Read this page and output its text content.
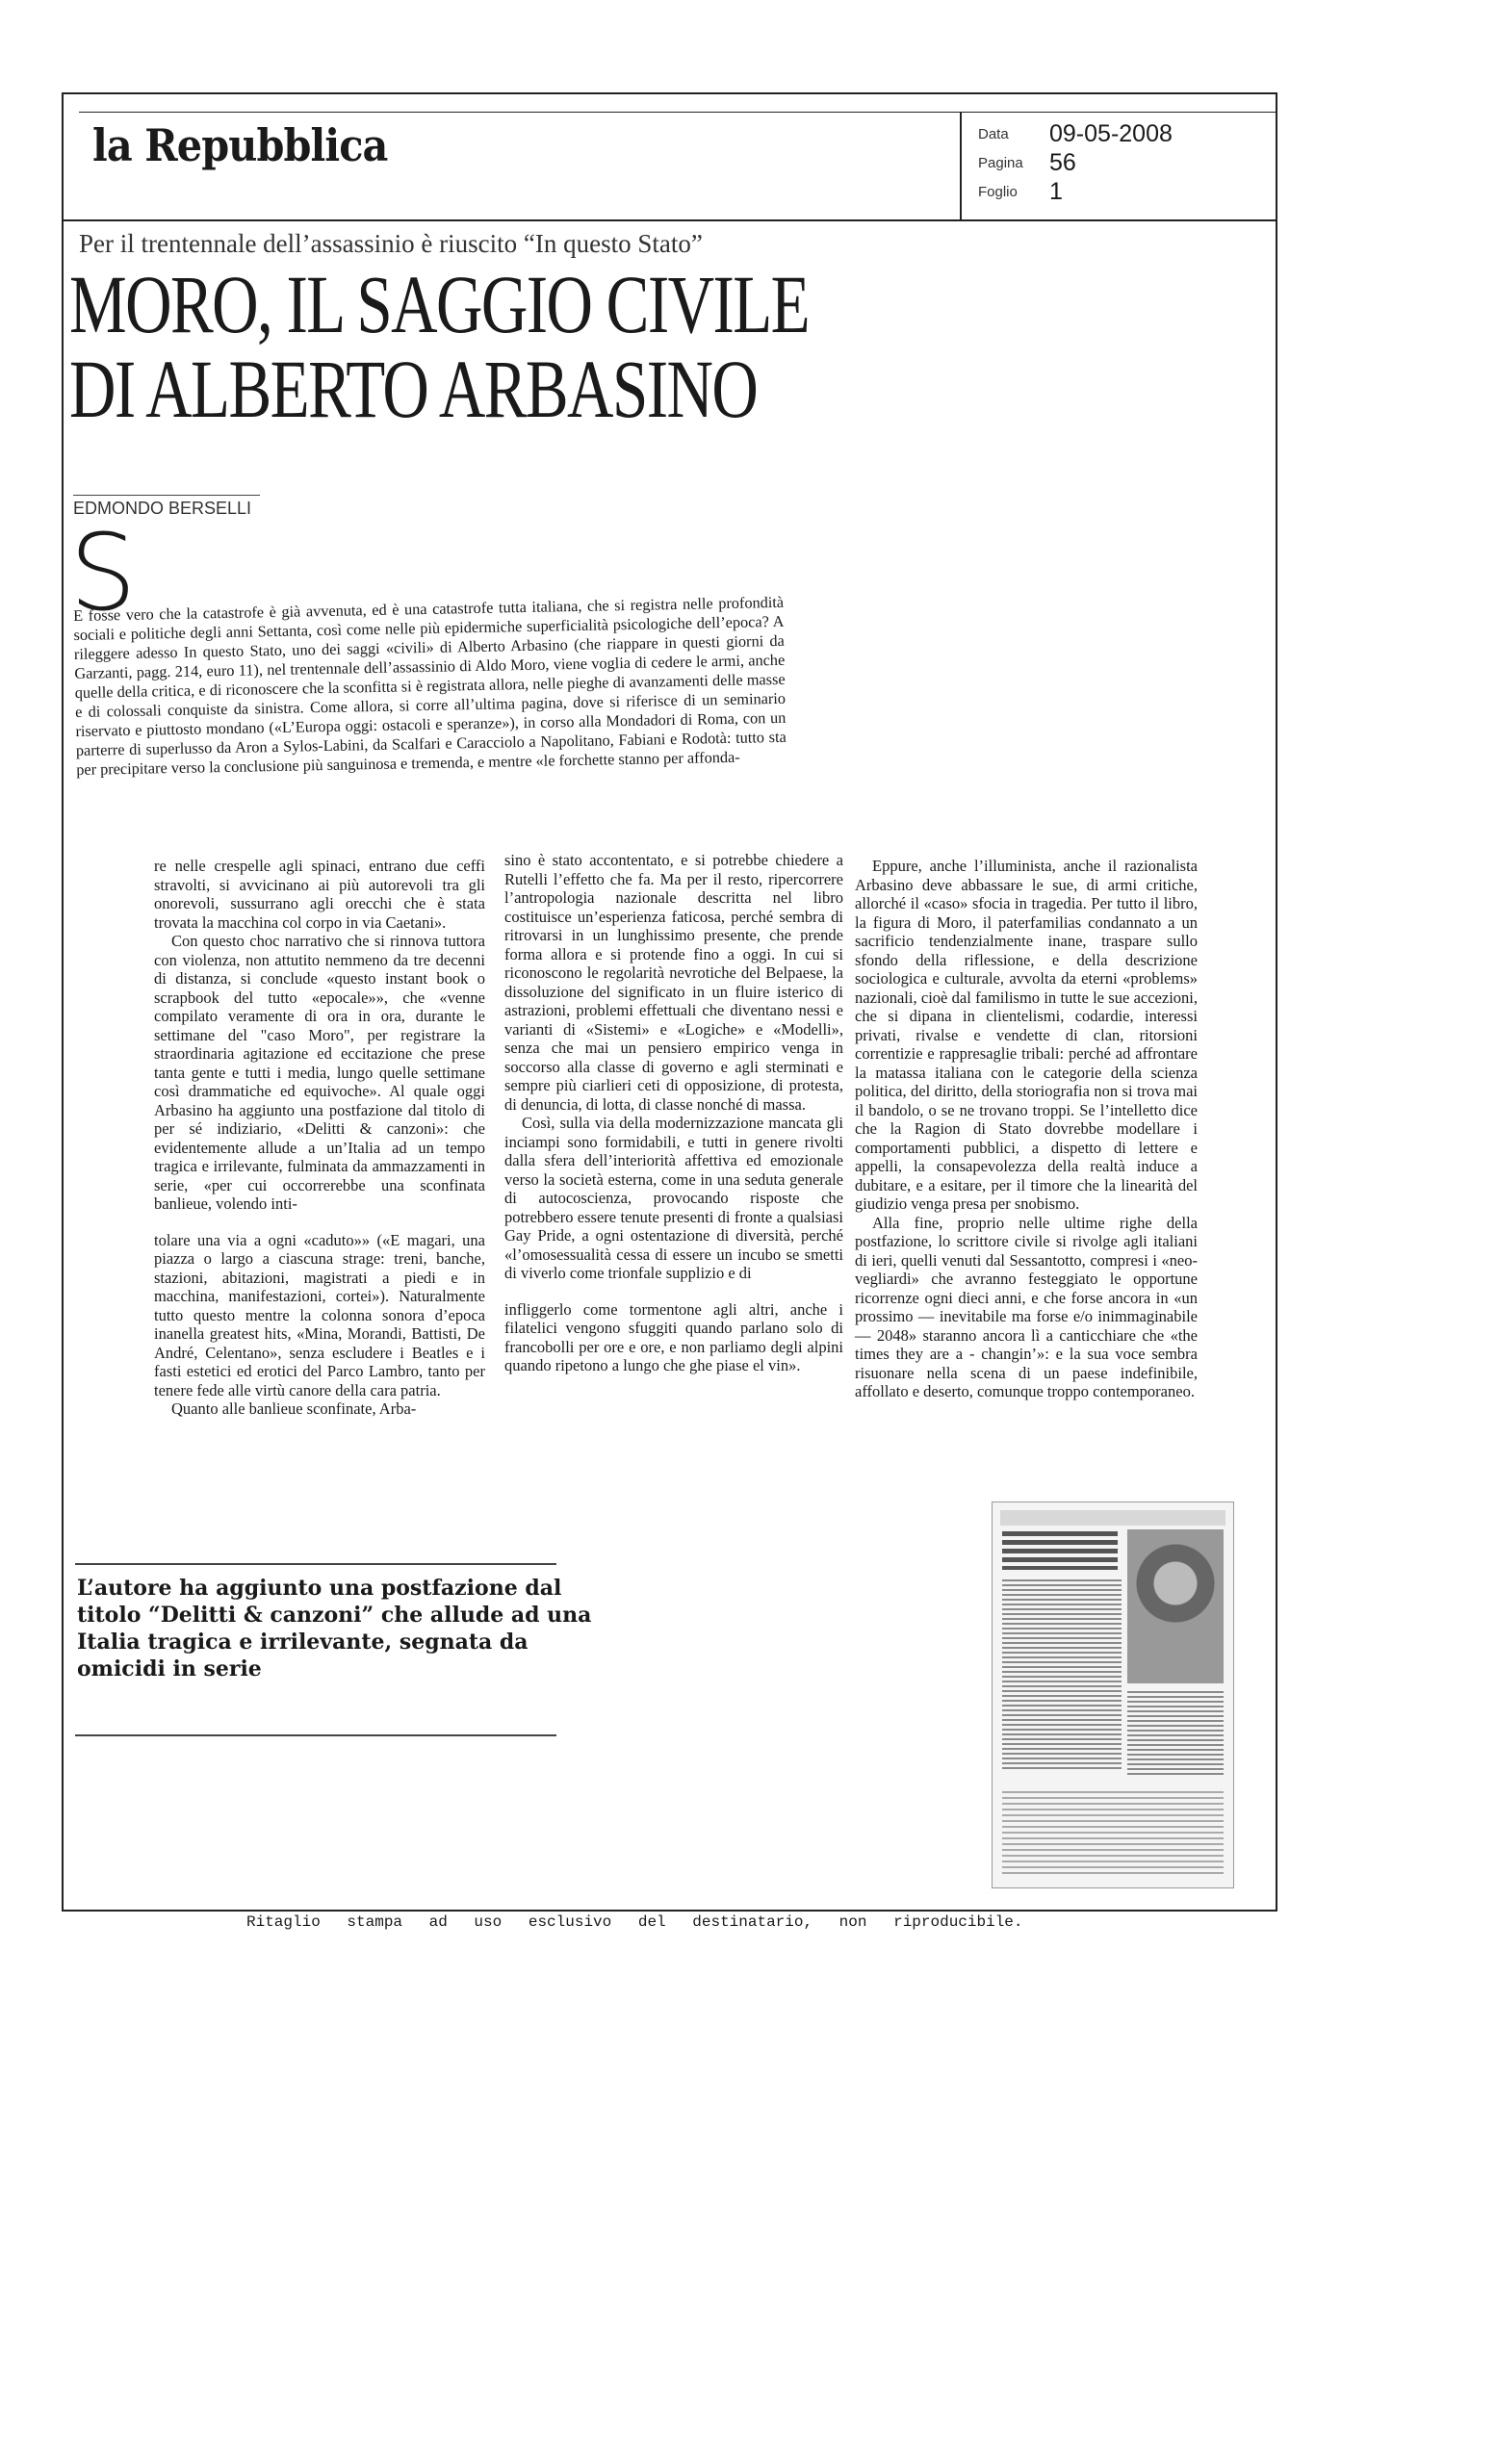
la Repubblica	Data	09-05-2008
Pagina	56
Foglio	1
Per il trentennale dell’assassinio è riuscito “In questo Stato”
MORO, IL SAGGIO CIVILE
DI ALBERTO ARBASINO
EDMONDO BERSELLI
S
E fosse vero che la catastrofe è già avvenuta, ed è una catastrofe tutta italiana, che si registra nelle profondità sociali e politiche degli anni Settanta, così come nelle più epidermiche superficialità psicologiche dell’epoca? A rileggere adesso In questo Stato, uno dei saggi «civili» di Alberto Arbasino (che riappare in questi giorni da Garzanti, pagg. 214, euro 11), nel trentennale dell’assassinio di Aldo Moro, viene voglia di cedere le armi, anche quelle della critica, e di riconoscere che la sconfitta si è registrata allora, nelle pieghe di avanzamenti delle masse e di colossali conquiste da sinistra. Come allora, si corre all’ultima pagina, dove si riferisce di un seminario riservato e piuttosto mondano («L’Europa oggi: ostacoli e speranze»), in corso alla Mondadori di Roma, con un parterre di superlusso da Aron a Sylos-Labini, da Scalfari e Caracciolo a Napolitano, Fabiani e Rodotà: tutto sta per precipitare verso la conclusione più sanguinosa e tremenda, e mentre «le forchette stanno per affonda-

re nelle crespelle agli spinaci, entrano due ceffi stravolti, si avvicinano ai più autorevoli tra gli onorevoli, sussurrano agli orecchi che è stata trovata la macchina col corpo in via Caetani».

Con questo choc narrativo che si rinnova tuttora con violenza, non attutito nemmeno da tre decenni di distanza, si conclude «questo instant book o scrapbook del tutto «epocale»», che «venne compilato veramente di ora in ora, durante le settimane del "caso Moro", per registrare la straordinaria agitazione ed eccitazione che prese tanta gente e tutti i media, lungo quelle settimane così drammatiche ed equivoche». Al quale oggi Arbasino ha aggiunto una postfazione dal titolo di per sé indiziario, «Delitti & canzoni»: che evidentemente allude a un’Italia ad un tempo tragica e irrilevante, fulminata da ammazzamenti in serie, «per cui occorrerebbe una sconfinata banlieue, volendo inti-

tolare una via a ogni «caduto»» («E magari, una piazza o largo a ciascuna strage: treni, banche, stazioni, abitazioni, magistrati a piedi e in macchina, manifestazioni, cortei»). Naturalmente tutto questo mentre la colonna sonora d’epoca inanella greatest hits, «Mina, Morandi, Battisti, De André, Celentano», senza escludere i Beatles e i fasti estetici ed erotici del Parco Lambro, tanto per tenere fede alle virtù canore della cara patria.

Quanto alle banlieue sconfinate, Arba-

sino è stato accontentato, e si potrebbe chiedere a Rutelli l’effetto che fa. Ma per il resto, ripercorrere l’antropologia nazionale descritta nel libro costituisce un’esperienza faticosa, perché sembra di ritrovarsi in un lunghissimo presente, che prende forma allora e si protende fino a oggi. In cui si riconoscono le regolarità nevrotiche del Belpaese, la dissoluzione del significato in un fluire isterico di astrazioni, problemi effettuali che diventano nessi e varianti di «Sistemi» e «Logiche» e «Modelli», senza che mai un pensiero empirico venga in soccorso alla classe di governo e agli sterminati e sempre più ciarlieri ceti di opposizione, di protesta, di denuncia, di lotta, di classe nonché di massa.

Così, sulla via della modernizzazione mancata gli inciampi sono formidabili, e tutti in genere rivolti dalla sfera dell’interiorità affettiva ed emozionale verso la società esterna, come in una seduta generale di autocoscienza, provocando risposte che potrebbero essere tenute presenti di fronte a qualsiasi Gay Pride, a ogni ostentazione di diversità, perché «l’omosessualità cessa di essere un incubo se smetti di viverlo come trionfale supplizio e di

infliggerlo come tormentone agli altri, anche i filatelici vengono sfuggiti quando parlano solo di francobolli per ore e ore, e non parliamo degli alpini quando ripetono a lungo che ghe piase el vin».

Eppure, anche l’illuminista, anche il razionalista Arbasino deve abbassare le sue, di armi critiche, allorché il «caso» sfocia in tragedia. Per tutto il libro, la figura di Moro, il paterfamilias condannato a un sacrificio tendenzialmente inane, traspare sullo sfondo della riflessione, e della descrizione sociologica e culturale, avvolta da eterni «problems» nazionali, cioè dal familismo in tutte le sue accezioni, che si dipana in clientelismi, codardie, interessi privati, rivalse e vendette di clan, ritorsioni correntizie e rappresaglie tribali: perché ad affrontare la matassa italiana con le categorie della scienza politica, del diritto, della storiografia non si trova mai il bandolo, o se ne trovano troppi. Se l’intelletto dice che la Ragion di Stato dovrebbe modellare i comportamenti pubblici, a dispetto di lettere e appelli, la consapevolezza della realtà induce a dubitare, e a esitare, per il timore che la linearità del giudizio venga presa per snobismo.

Alla fine, proprio nelle ultime righe della postfazione, lo scrittore civile si rivolge agli italiani di ieri, quelli venuti dal Sessantotto, compresi i «neo-vegliardi» che avranno festeggiato le opportune ricorrenze ogni dieci anni, e che forse ancora in «un prossimo — inevitabile ma forse e/o inimmaginabile — 2048» staranno ancora lì a canticchiare che «the times they are a - changin’»: e la sua voce sembra risuonare nella scena di un paese indefinibile, affollato e deserto, comunque troppo contemporaneo.

L’autore ha aggiunto una postfazione dal titolo “Delitti & canzoni” che allude ad una Italia tragica e irrilevante, segnata da omicidi in serie
Ritaglio stampa ad uso esclusivo del destinatario, non riproducibile.
